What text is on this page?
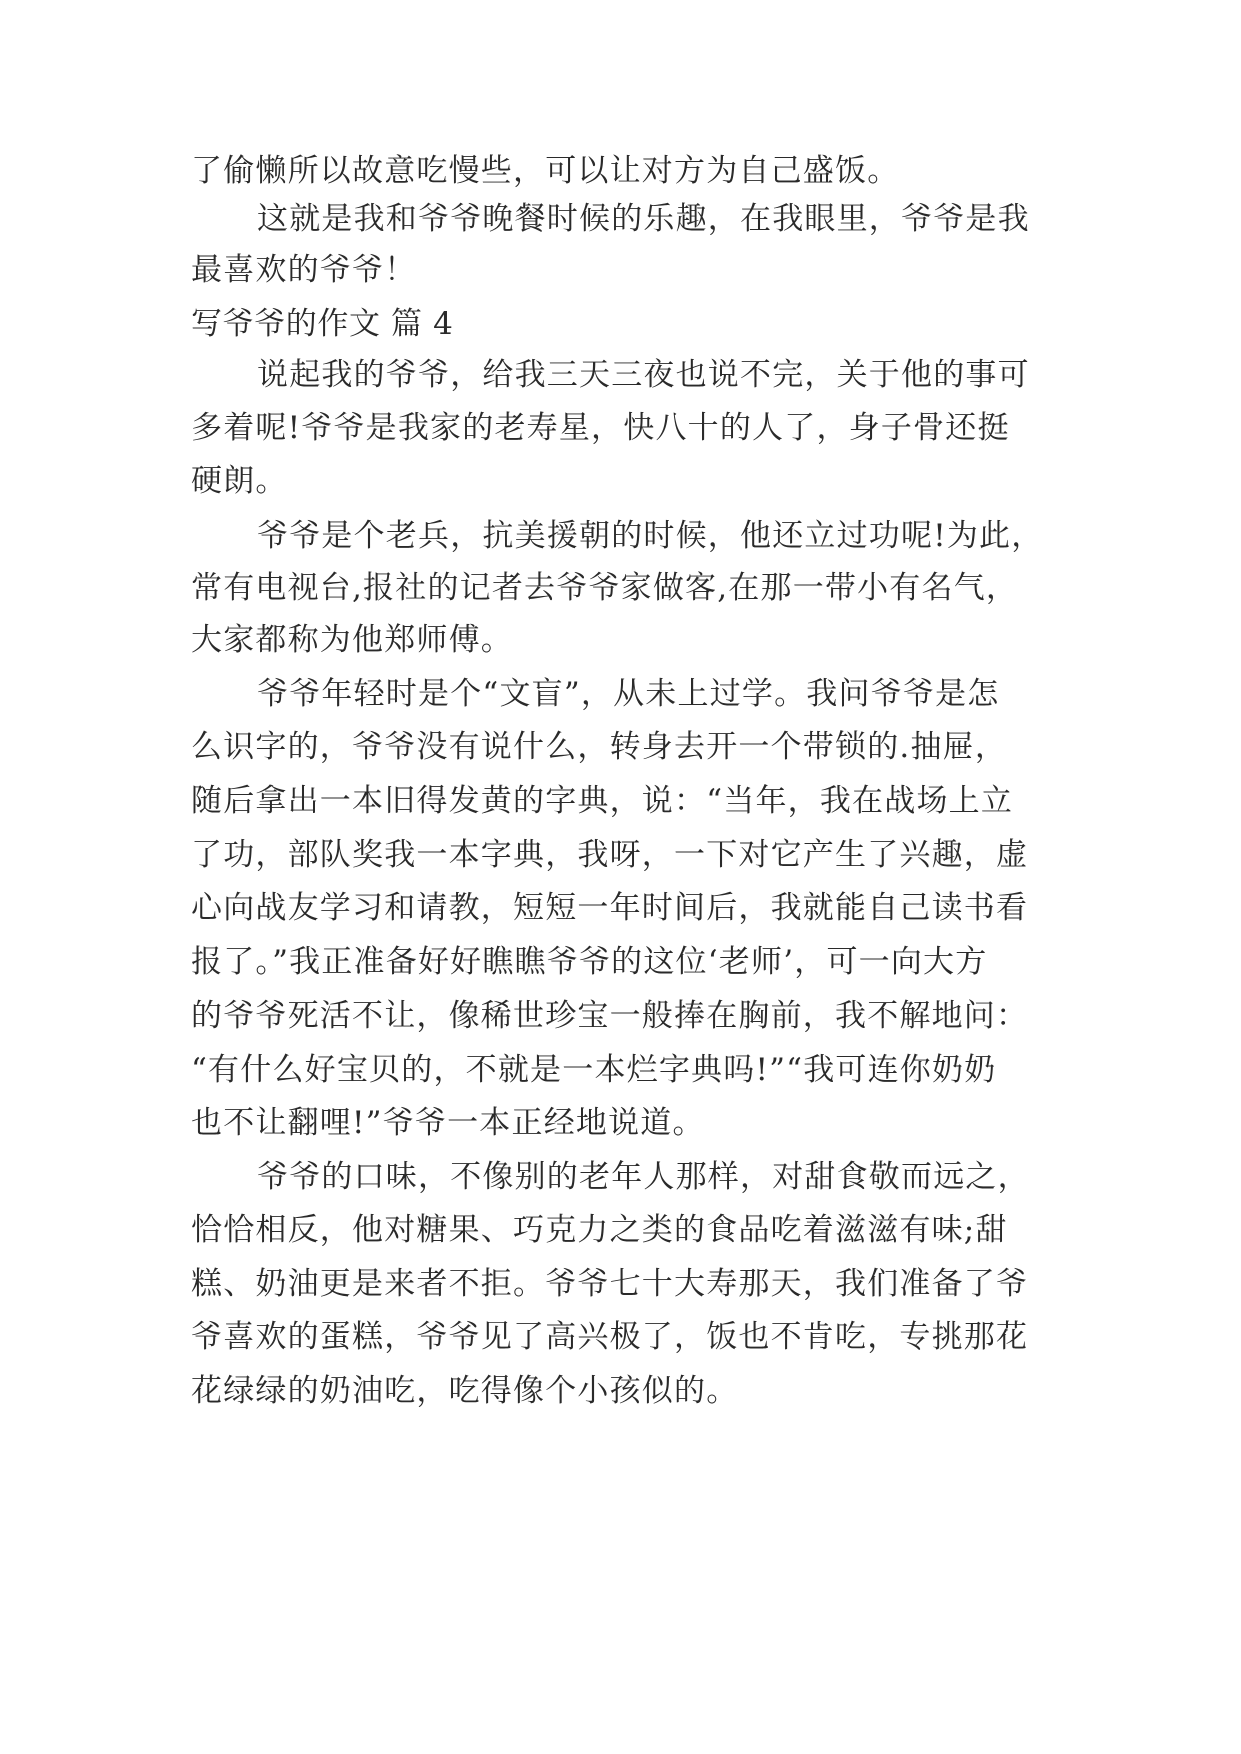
了偷懒所以故意吃慢些，可以让对方为自己盛饭。
这就是我和爷爷晚餐时候的乐趣，在我眼里，爷爷是我
最喜欢的爷爷！
写爷爷的作文 篇 4
说起我的爷爷，给我三天三夜也说不完，关于他的事可
多着呢!爷爷是我家的老寿星，快八十的人了，身子骨还挺
硬朗。
爷爷是个老兵，抗美援朝的时候，他还立过功呢!为此，
常有电视台,报社的记者去爷爷家做客,在那一带小有名气，
大家都称为他郑师傅。
爷爷年轻时是个“文盲”，从未上过学。我问爷爷是怎
么识字的，爷爷没有说什么，转身去开一个带锁的.抽屉，
随后拿出一本旧得发黄的字典，说：“当年，我在战场上立
了功，部队奖我一本字典，我呀，一下对它产生了兴趣，虚
心向战友学习和请教，短短一年时间后，我就能自己读书看
报了。”我正准备好好瞧瞧爷爷的这位‘老师’，可一向大方
的爷爷死活不让，像稀世珍宝一般捧在胸前，我不解地问：
“有什么好宝贝的，不就是一本烂字典吗!”“我可连你奶奶
也不让翻哩!”爷爷一本正经地说道。
爷爷的口味，不像别的老年人那样，对甜食敬而远之，
恰恰相反，他对糖果、巧克力之类的食品吃着滋滋有味;甜
糕、奶油更是来者不拒。爷爷七十大寿那天，我们准备了爷
爷喜欢的蛋糕，爷爷见了高兴极了，饭也不肯吃，专挑那花
花绿绿的奶油吃，吃得像个小孩似的。
